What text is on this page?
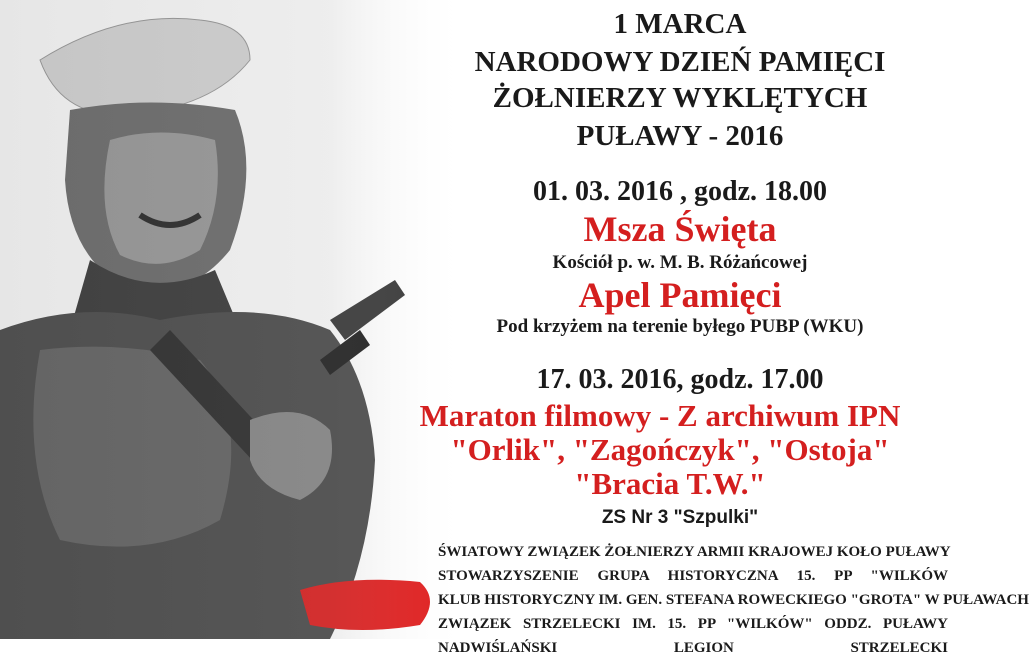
1 MARCA

NARODOWY DZIEŃ PAMIĘCI

ŻOŁNIERZY WYKLĘTYCH

PUŁAWY - 2016

01. 03. 2016 , godz. 18.00

Msza Święta

Kościół p. w. M. B. Różańcowej

Apel Pamięci

Pod krzyżem na terenie byłego PUBP (WKU)

17. 03. 2016, godz. 17.00

Maraton filmowy - Z archiwum IPN

"Orlik", "Zagończyk", "Ostoja"

"Bracia T.W."

ZS Nr 3 "Szpulki"

ŚWIATOWY ZWIĄZEK ŻOŁNIERZY ARMII KRAJOWEJ KOŁO PUŁAWY
STOWARZYSZENIE GRUPA HISTORYCZNA 15. PP "WILKÓW
KLUB HISTORYCZNY IM. GEN. STEFANA ROWECKIEGO "GROTA" W PUŁAWACH
ZWIĄZEK STRZELECKI IM. 15. PP "WILKÓW" ODDZ. PUŁAWY
NADWIŚLAŃSKI LEGION STRZELECKI
